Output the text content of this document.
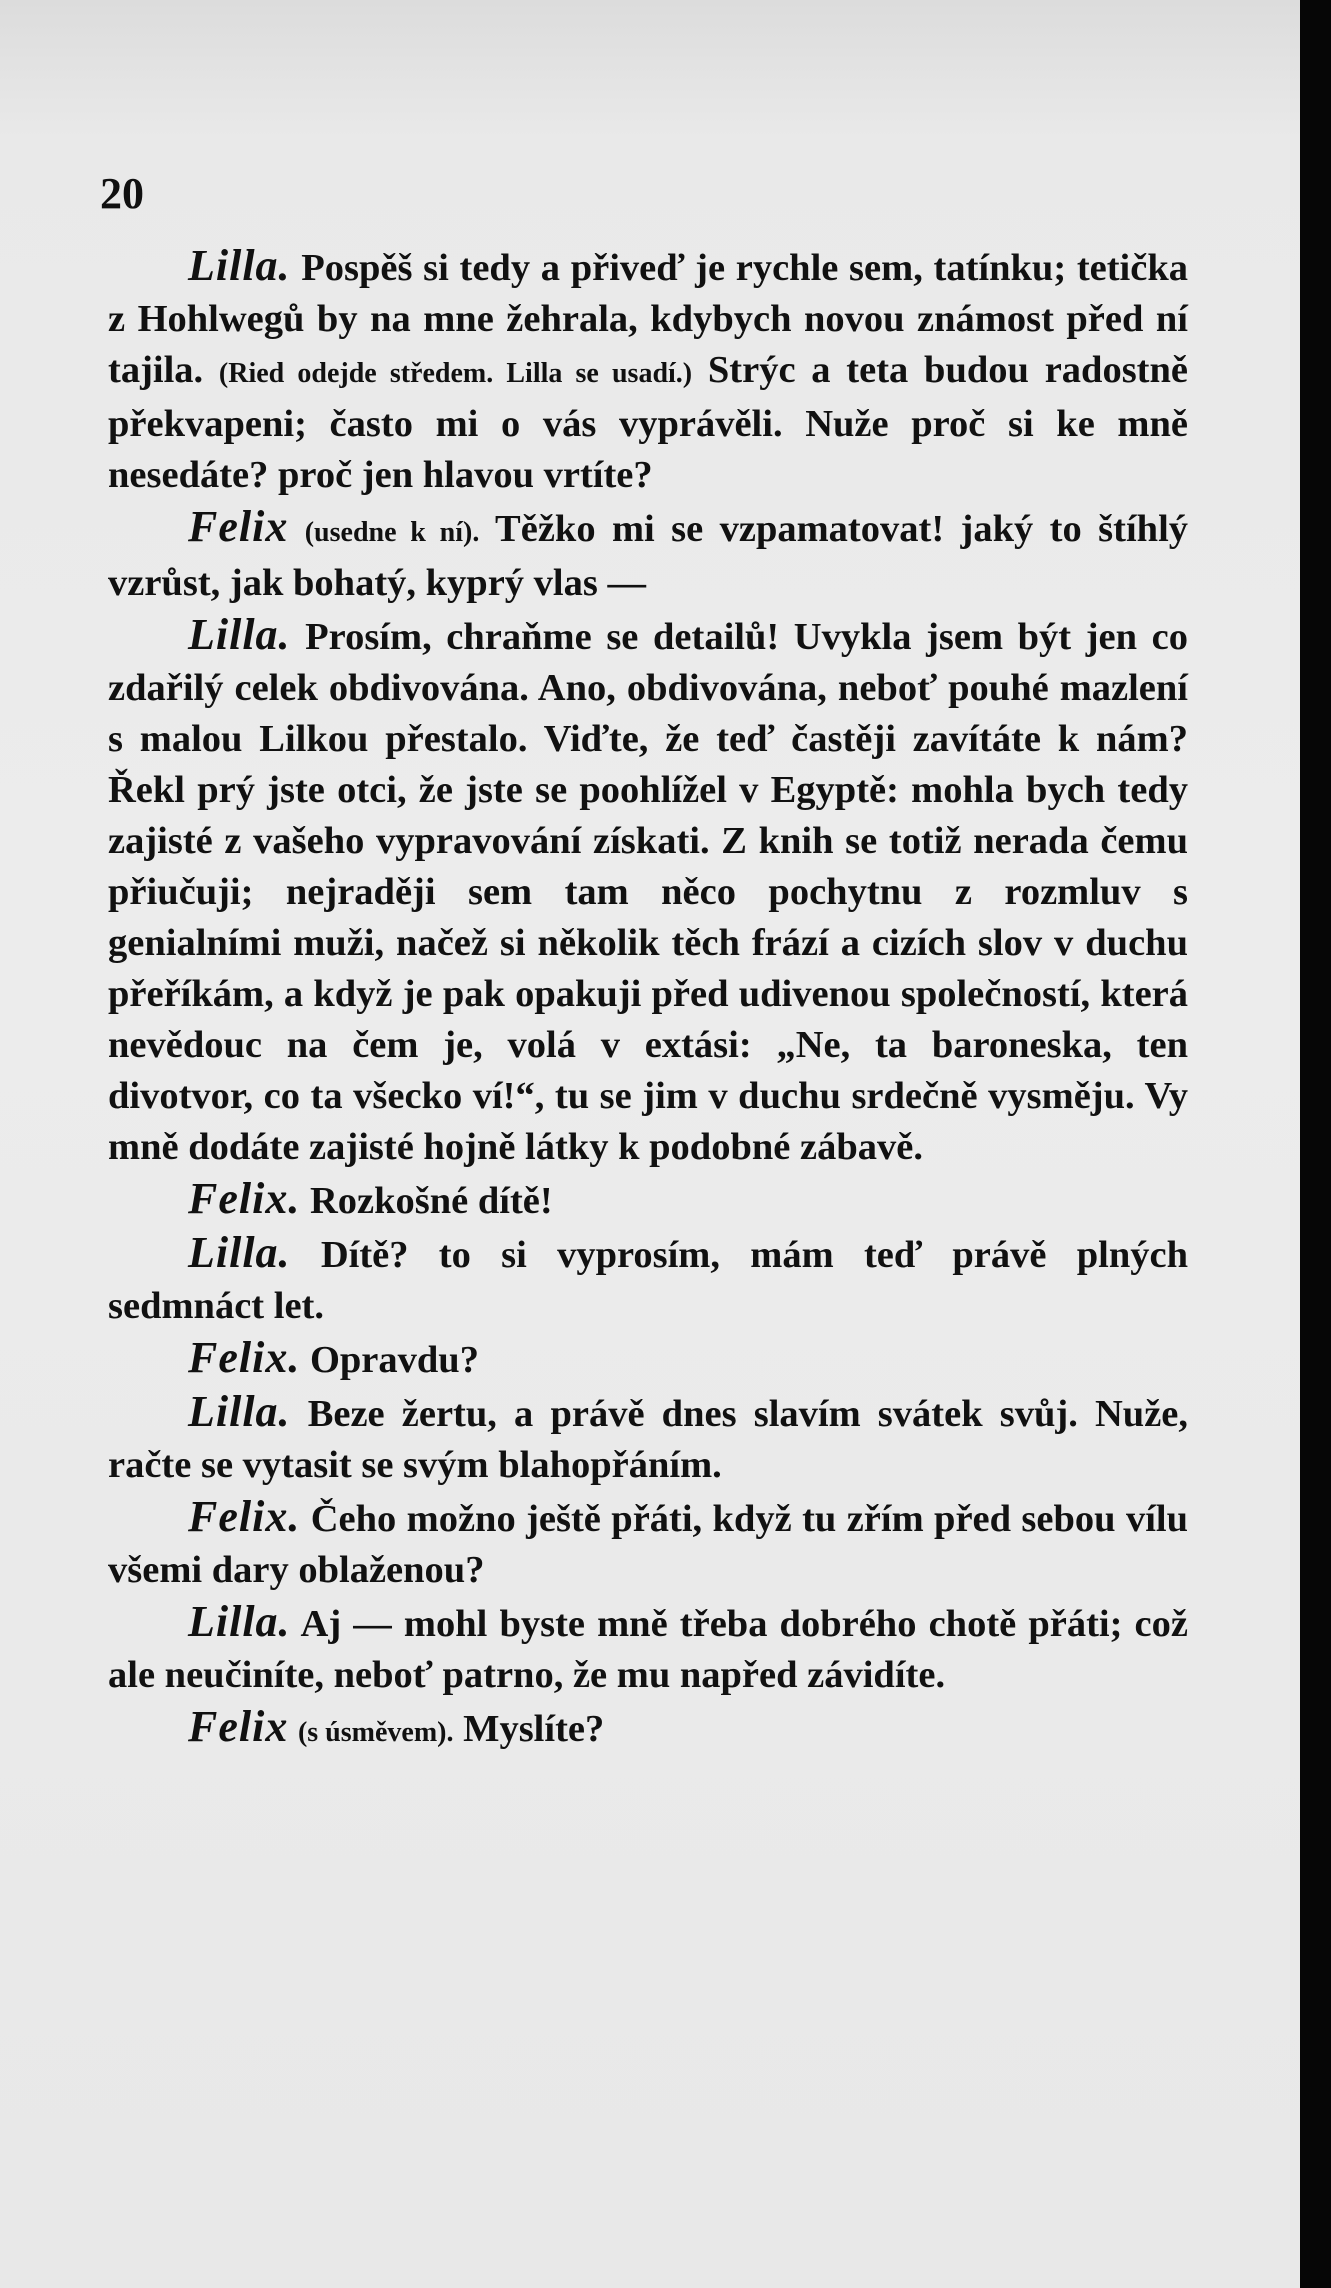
20

Lilla. Pospěš si tedy a přiveď je rychle sem, tatínku; tetička z Hohlwegů by na mne žehrala, kdybych novou známost před ní tajila. (Ried odejde středem. Lilla se usadí.) Strýc a teta budou radostně překvapeni; často mi o vás vyprávěli. Nuže proč si ke mně nesedáte? proč jen hlavou vrtíte?

Felix (usedne k ní). Těžko mi se vzpamatovat! jaký to štíhlý vzrůst, jak bohatý, kyprý vlas —

Lilla. Prosím, chraňme se detailů! Uvykla jsem být jen co zdařilý celek obdivována. Ano, obdivována, neboť pouhé mazlení s malou Lilkou přestalo. Viďte, že teď častěji zavítáte k nám? Řekl prý jste otci, že jste se poohlížel v Egyptě: mohla bych tedy zajisté z vašeho vypravování získati. Z knih se totiž nerada čemu přiučuji; nejraději sem tam něco pochytnu z rozmluv s genialními muži, načež si několik těch frází a cizích slov v duchu přeříkám, a když je pak opakuji před udivenou společností, která nevědouc na čem je, volá v extási: „Ne, ta baroneska, ten divotvor, co ta všecko ví!“, tu se jim v duchu srdečně vysměju. Vy mně dodáte zajisté hojně látky k podobné zábavě.

Felix. Rozkošné dítě!

Lilla. Dítě? to si vyprosím, mám teď právě plných sedmnáct let.

Felix. Opravdu?

Lilla. Beze žertu, a právě dnes slavím svátek svůj. Nuže, račte se vytasit se svým blahopřáním.

Felix. Čeho možno ještě přáti, když tu zřím před sebou vílu všemi dary oblaženou?

Lilla. Aj — mohl byste mně třeba dobrého chotě přáti; což ale neučiníte, neboť patrno, že mu napřed závidíte.

Felix (s úsměvem). Myslíte?
